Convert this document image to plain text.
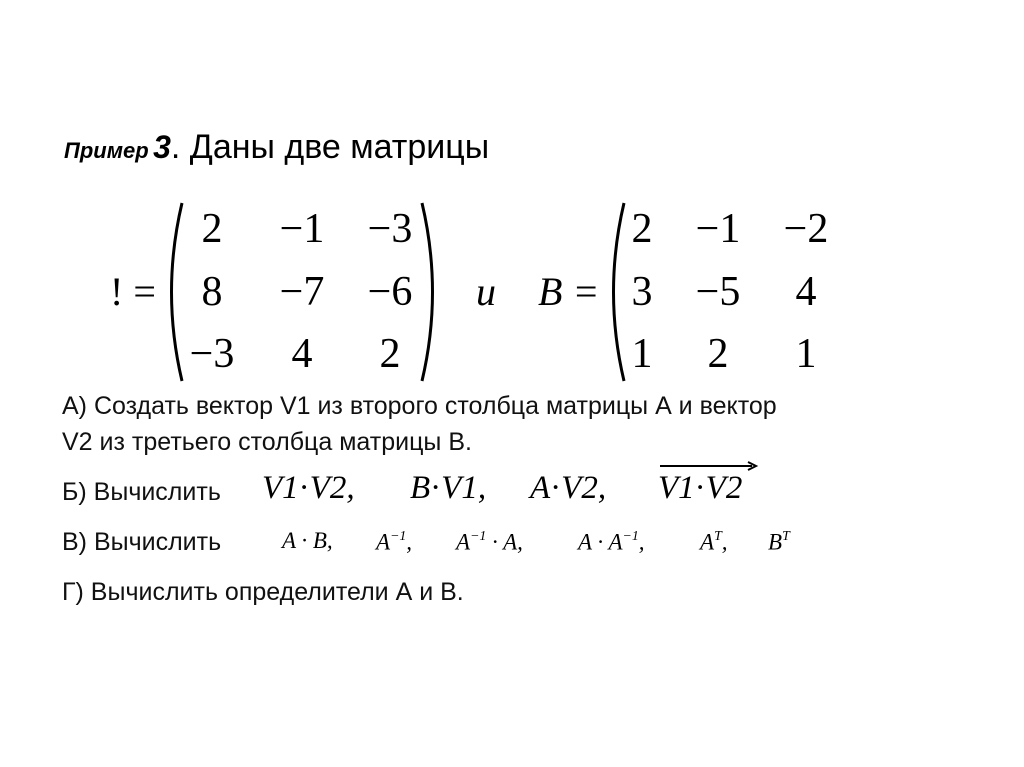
Пример 3. Даны две матрицы
! =
2 −1 −3
8 −7 −6
−3 4 2
и B =
2 −1 −2
3 −5 4
1 2 1
А) Создать вектор V1 из второго столбца матрицы А и вектор
V2 из третьего столбца матрицы В.
Б) Вычислить
В) Вычислить
Г) Вычислить определители А и В.
V1·V2, B·V1, A·V2, V1·V2
A · B, $A^{-1}$, $A^{-1} \cdot A$, $A \cdot A^{-1}$, $A^T$, $B^T$
